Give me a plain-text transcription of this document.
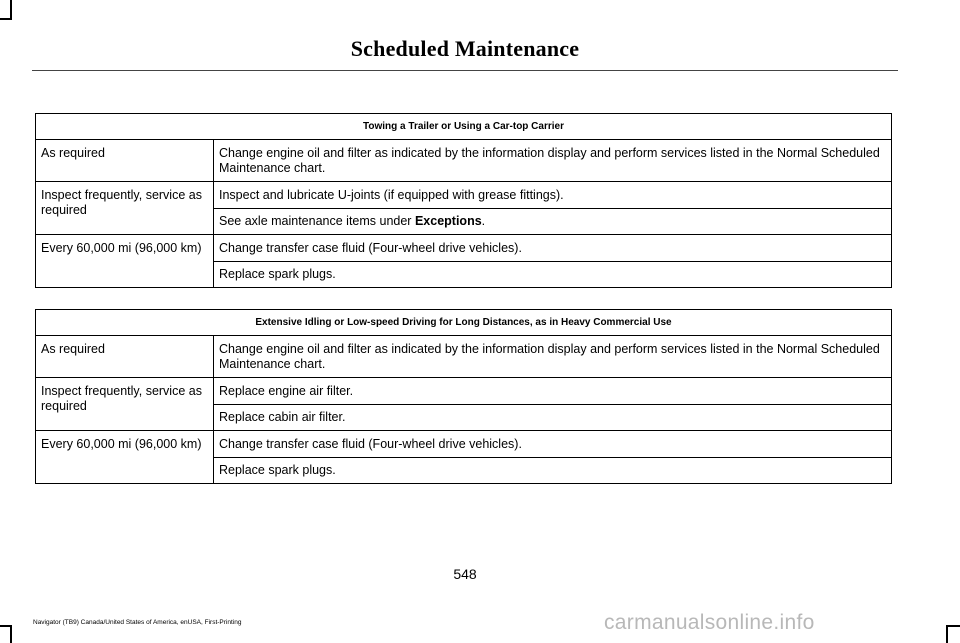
Scheduled Maintenance
Towing a Trailer or Using a Car-top Carrier	
As required	Change engine oil and filter as indicated by the information display and perform services listed in the Normal Scheduled Maintenance chart.
Inspect frequently, service as required	Inspect and lubricate U-joints (if equipped with grease fittings).
	See axle maintenance items under Exceptions.
Every 60,000 mi (96,000 km)	Change transfer case fluid (Four-wheel drive vehicles).
	Replace spark plugs.
Extensive Idling or Low-speed Driving for Long Distances, as in Heavy Commercial Use	
As required	Change engine oil and filter as indicated by the information display and perform services listed in the Normal Scheduled Maintenance chart.
Inspect frequently, service as required	Replace engine air filter.
	Replace cabin air filter.
Every 60,000 mi (96,000 km)	Change transfer case fluid (Four-wheel drive vehicles).
	Replace spark plugs.
548
Navigator (TB9) Canada/United States of America, enUSA, First-Printing	carmanualsonline.info
